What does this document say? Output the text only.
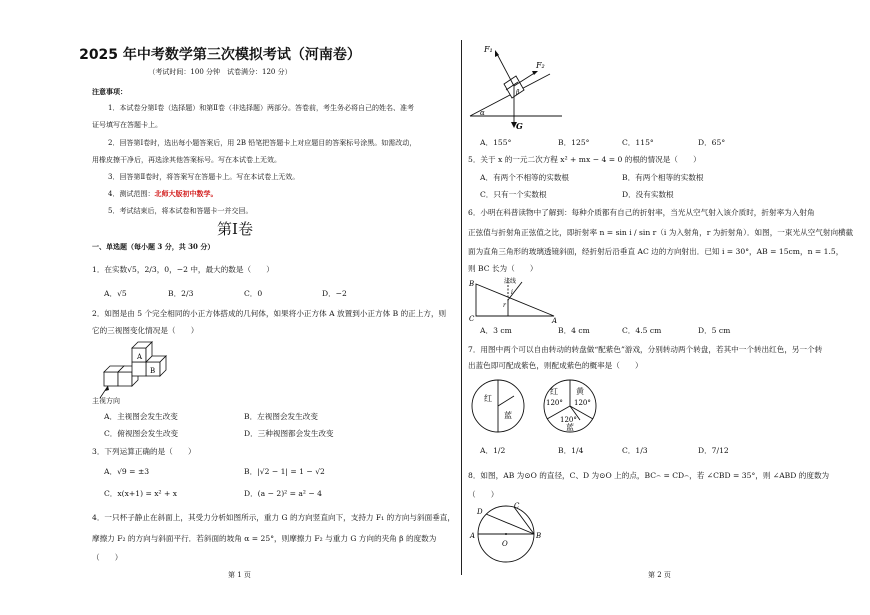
2025 年中考数学第三次模拟考试（河南卷）
（考试时间：100 分钟　试卷满分：120 分）
注意事项：
1．本试卷分第Ⅰ卷（选择题）和第Ⅱ卷（非选择题）两部分。答卷前，考生务必将自己的姓名、准考
证号填写在答题卡上。
2．回答第Ⅰ卷时，选出每小题答案后，用 2B 铅笔把答题卡上对应题目的答案标号涂黑。如需改动，
用橡皮擦干净后，再选涂其他答案标号。写在本试卷上无效。
3．回答第Ⅱ卷时，将答案写在答题卡上。写在本试卷上无效。
4．测试范围：北师大版初中数学。
5．考试结束后，将本试卷和答题卡一并交回。
第Ⅰ卷
一、单选题（每小题 3 分，共 30 分）
1．在实数√5，2/3，0，−2 中，最大的数是（　　）
A．√5	B．2/3	C．0	D．−2
2．如图是由 5 个完全相同的小正方体搭成的几何体，如果将小正方体 A 放置到小正方体 B 的正上方，则
它的三视图变化情况是（　　）
A
B
主视方向
A．主视图会发生改变	B．左视图会发生改变
C．俯视图会发生改变	D．三种视图都会发生改变
3．下列运算正确的是（　　）
A．√9 = ±3	B．|√2 − 1| = 1 − √2
C．x(x+1) = x² + x	D．(a − 2)² = a² − 4
4．一只杯子静止在斜面上，其受力分析如图所示，重力 G 的方向竖直向下，支持力 F₁ 的方向与斜面垂直，
摩擦力 F₂ 的方向与斜面平行．若斜面的坡角 α = 25°，则摩擦力 F₂ 与重力 G 方向的夹角 β 的度数为
（　　）
第 1 页
F₁
F₂
G
α
β
A．155°	B．125°	C．115°	D．65°
5．关于 x 的一元二次方程 x² + mx − 4 = 0 的根的情况是（　　）
A．有两个不相等的实数根	B．有两个相等的实数根
C．只有一个实数根	D．没有实数根
6．小明在科普读物中了解到：每种介质都有自己的折射率，当光从空气射入该介质时，折射率为入射角
正弦值与折射角正弦值之比，即折射率 n = sin i / sin r（i 为入射角，r 为折射角）．如图，一束光从空气射向横截
面为直角三角形的玻璃透镜斜面，经折射后沿垂直 AC 边的方向射出．已知 i = 30°，AB = 15cm，n = 1.5，
则 BC 长为（　　）
法线
B
C	A
i
r
A．3 cm	B．4 cm	C．4.5 cm	D．5 cm
7．用图中两个可以自由转动的转盘做“配紫色”游戏，分别转动两个转盘，若其中一个转出红色，另一个转
出蓝色即可配成紫色，则配成紫色的概率是（　　）
红
蓝
红 黄
蓝
120° 120°
120°
A．1/2	B．1/4	C．1/3	D．7/12
8．如图，AB 为⊙O 的直径，C、D 为⊙O 上的点，BC⌢ = CD⌢，若 ∠CBD = 35°，则 ∠ABD 的度数为
（　　）
A	B
C
D
O
第 2 页
